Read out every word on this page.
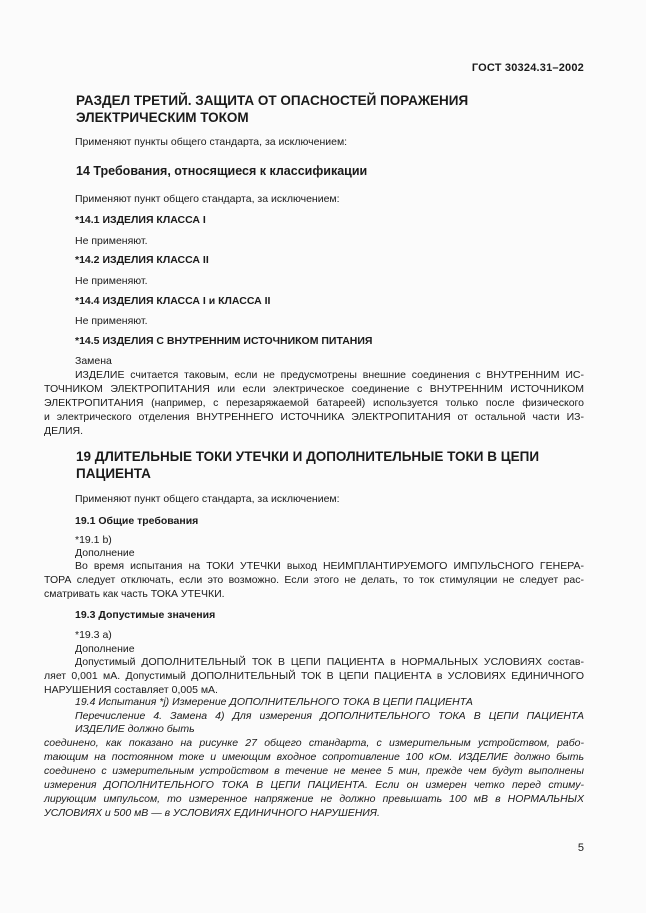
ГОСТ 30324.31–2002
РАЗДЕЛ ТРЕТИЙ. ЗАЩИТА ОТ ОПАСНОСТЕЙ ПОРАЖЕНИЯ
ЭЛЕКТРИЧЕСКИМ ТОКОМ
Применяют пункты общего стандарта, за исключением:
14 Требования, относящиеся к классификации
Применяют пункт общего стандарта, за исключением:
*14.1 ИЗДЕЛИЯ КЛАССА I
Не применяют.
*14.2 ИЗДЕЛИЯ КЛАССА II
Не применяют.
*14.4 ИЗДЕЛИЯ КЛАССА I и КЛАССА II
Не применяют.
*14.5 ИЗДЕЛИЯ С ВНУТРЕННИМ ИСТОЧНИКОМ ПИТАНИЯ
Замена
ИЗДЕЛИЕ считается таковым, если не предусмотрены внешние соединения с ВНУТРЕННИМ ИС-
ТОЧНИКОМ ЭЛЕКТРОПИТАНИЯ или если электрическое соединение с ВНУТРЕННИМ ИСТОЧНИКОМ
ЭЛЕКТРОПИТАНИЯ (например, с перезаряжаемой батареей) используется только после физического
и электрического отделения ВНУТРЕННЕГО ИСТОЧНИКА ЭЛЕКТРОПИТАНИЯ от остальной части ИЗ-
ДЕЛИЯ.
19 ДЛИТЕЛЬНЫЕ ТОКИ УТЕЧКИ И ДОПОЛНИТЕЛЬНЫЕ ТОКИ В ЦЕПИ
ПАЦИЕНТА
Применяют пункт общего стандарта, за исключением:
19.1 Общие требования
*19.1 b)
Дополнение
Во время испытания на ТОКИ УТЕЧКИ выход НЕИМПЛАНТИРУЕМОГО ИМПУЛЬСНОГО ГЕНЕРА-
ТОРА следует отключать, если это возможно. Если этого не делать, то ток стимуляции не следует рас-
сматривать как часть ТОКА УТЕЧКИ.
19.3 Допустимые значения
*19.3 a)
Дополнение
Допустимый ДОПОЛНИТЕЛЬНЫЙ ТОК В ЦЕПИ ПАЦИЕНТА в НОРМАЛЬНЫХ УСЛОВИЯХ состав-
ляет 0,001 мА. Допустимый ДОПОЛНИТЕЛЬНЫЙ ТОК В ЦЕПИ ПАЦИЕНТА в УСЛОВИЯХ ЕДИНИЧНОГО
НАРУШЕНИЯ составляет 0,005 мА.
19.4 Испытания *j) Измерение ДОПОЛНИТЕЛЬНОГО ТОКА В ЦЕПИ ПАЦИЕНТА
Перечисление 4. Замена 4) Для измерения ДОПОЛНИТЕЛЬНОГО ТОКА В ЦЕПИ ПАЦИЕНТА
ИЗДЕЛИЕ должно быть
соединено, как показано на рисунке 27 общего стандарта, с измерительным устройством, рабо-
тающим на постоянном токе и имеющим входное сопротивление 100 кОм. ИЗДЕЛИЕ должно быть
соединено с измерительным устройством в течение не менее 5 мин, прежде чем будут выполнены
измерения ДОПОЛНИТЕЛЬНОГО ТОКА В ЦЕПИ ПАЦИЕНТА. Если он измерен четко перед стиму-
лирующим импульсом, то измеренное напряжение не должно превышать 100 мВ в НОРМАЛЬНЫХ
УСЛОВИЯХ и 500 мВ — в УСЛОВИЯХ ЕДИНИЧНОГО НАРУШЕНИЯ.
5
